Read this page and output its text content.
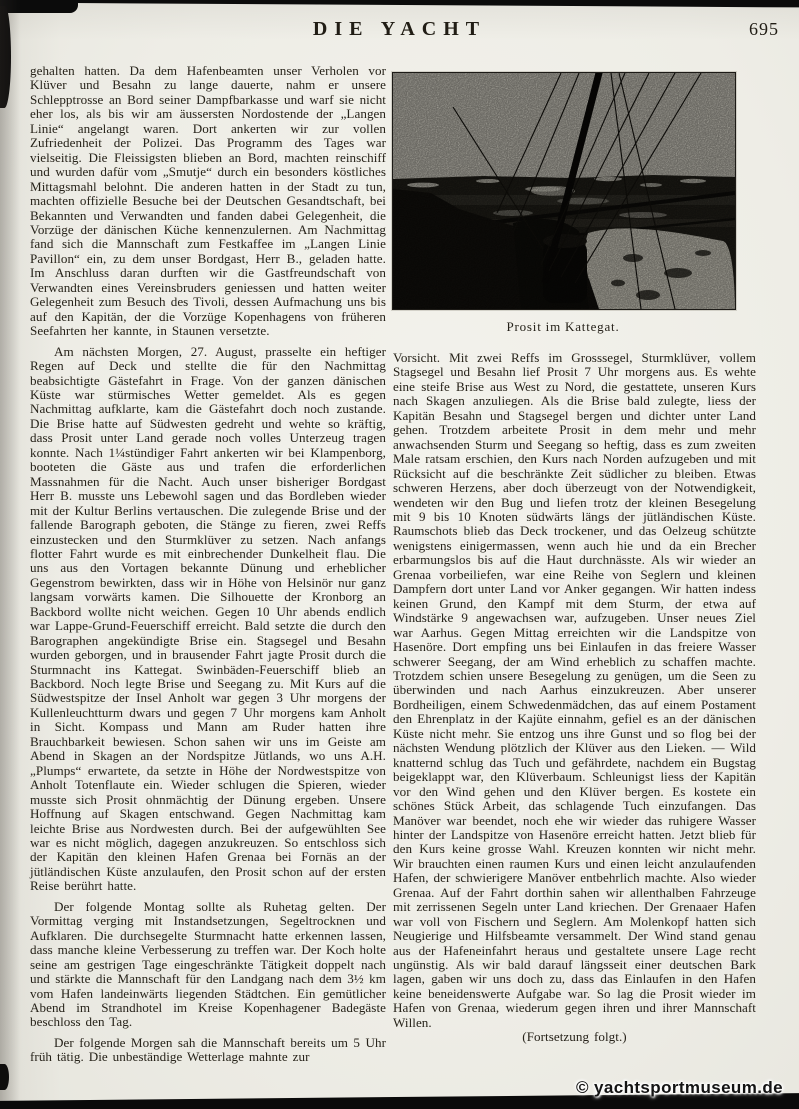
DIE YACHT	695

gehalten hatten. Da dem Hafenbeamten unser Verholen vor Klüver und Besahn zu lange dauerte, nahm er unsere Schlepptrosse an Bord seiner Dampfbarkasse und warf sie nicht eher los, als bis wir am äussersten Nordostende der „Langen Linie“ angelangt waren. Dort ankerten wir zur vollen Zufriedenheit der Polizei. Das Programm des Tages war vielseitig. Die Fleissigsten blieben an Bord, machten reinschiff und wurden dafür vom „Smutje“ durch ein besonders köstliches Mittagsmahl belohnt. Die anderen hatten in der Stadt zu tun, machten offizielle Besuche bei der Deutschen Gesandtschaft, bei Bekannten und Verwandten und fanden dabei Gelegenheit, die Vorzüge der dänischen Küche kennenzulernen. Am Nachmittag fand sich die Mannschaft zum Festkaffee im „Langen Linie Pavillon“ ein, zu dem unser Bordgast, Herr B., geladen hatte. Im Anschluss daran durften wir die Gastfreundschaft von Verwandten eines Vereinsbruders geniessen und hatten weiter Gelegenheit zum Besuch des Tivoli, dessen Aufmachung uns bis auf den Kapitän, der die Vorzüge Kopenhagens von früheren Seefahrten her kannte, in Staunen versetzte.

Am nächsten Morgen, 27. August, prasselte ein heftiger Regen auf Deck und stellte die für den Nachmittag beabsichtigte Gästefahrt in Frage. Von der ganzen dänischen Küste war stürmisches Wetter gemeldet. Als es gegen Nachmittag aufklarte, kam die Gästefahrt doch noch zustande. Die Brise hatte auf Südwesten gedreht und wehte so kräftig, dass Prosit unter Land gerade noch volles Unterzeug tragen konnte. Nach 1¼stündiger Fahrt ankerten wir bei Klampenborg, booteten die Gäste aus und trafen die erforderlichen Massnahmen für die Nacht. Auch unser bisheriger Bordgast Herr B. musste uns Lebewohl sagen und das Bordleben wieder mit der Kultur Berlins vertauschen. Die zulegende Brise und der fallende Barograph geboten, die Stänge zu fieren, zwei Reffs einzustecken und den Sturmklüver zu setzen. Nach anfangs flotter Fahrt wurde es mit einbrechender Dunkelheit flau. Die uns aus den Vortagen bekannte Dünung und erheblicher Gegenstrom bewirkten, dass wir in Höhe von Helsinör nur ganz langsam vorwärts kamen. Die Silhouette der Kronborg an Backbord wollte nicht weichen. Gegen 10 Uhr abends endlich war Lappe-Grund-Feuerschiff erreicht. Bald setzte die durch den Barographen angekündigte Brise ein. Stagsegel und Besahn wurden geborgen, und in brausender Fahrt jagte Prosit durch die Sturmnacht ins Kattegat. Swinbäden-Feuerschiff blieb an Backbord. Noch legte Brise und Seegang zu. Mit Kurs auf die Südwestspitze der Insel Anholt war gegen 3 Uhr morgens der Kullenleuchtturm dwars und gegen 7 Uhr morgens kam Anholt in Sicht. Kompass und Mann am Ruder hatten ihre Brauchbarkeit bewiesen. Schon sahen wir uns im Geiste am Abend in Skagen an der Nordspitze Jütlands, wo uns A.H. „Plumps“ erwartete, da setzte in Höhe der Nordwestspitze von Anholt Totenflaute ein. Wieder schlugen die Spieren, wieder musste sich Prosit ohnmächtig der Dünung ergeben. Unsere Hoffnung auf Skagen entschwand. Gegen Nachmittag kam leichte Brise aus Nordwesten durch. Bei der aufgewühlten See war es nicht möglich, dagegen anzukreuzen. So entschloss sich der Kapitän den kleinen Hafen Grenaa bei Fornäs an der jütländischen Küste anzulaufen, den Prosit schon auf der ersten Reise berührt hatte.

Der folgende Montag sollte als Ruhetag gelten. Der Vormittag verging mit Instandsetzungen, Segeltrocknen und Aufklaren. Die durchsegelte Sturmnacht hatte erkennen lassen, dass manche kleine Verbesserung zu treffen war. Der Koch holte seine am gestrigen Tage eingeschränkte Tätigkeit doppelt nach und stärkte die Mannschaft für den Landgang nach dem 3½ km vom Hafen landeinwärts liegenden Städtchen. Ein gemütlicher Abend im Strandhotel im Kreise Kopenhagener Badegäste beschloss den Tag.

Der folgende Morgen sah die Mannschaft bereits um 5 Uhr früh tätig. Die unbeständige Wetterlage mahnte zur

Prosit im Kattegat.

Vorsicht. Mit zwei Reffs im Grosssegel, Sturmklüver, vollem Stagsegel und Besahn lief Prosit 7 Uhr morgens aus. Es wehte eine steife Brise aus West zu Nord, die gestattete, unseren Kurs nach Skagen anzuliegen. Als die Brise bald zulegte, liess der Kapitän Besahn und Stagsegel bergen und dichter unter Land gehen. Trotzdem arbeitete Prosit in dem mehr und mehr anwachsenden Sturm und Seegang so heftig, dass es zum zweiten Male ratsam erschien, den Kurs nach Norden aufzugeben und mit Rücksicht auf die beschränkte Zeit südlicher zu bleiben. Etwas schweren Herzens, aber doch überzeugt von der Notwendigkeit, wendeten wir den Bug und liefen trotz der kleinen Besegelung mit 9 bis 10 Knoten südwärts längs der jütländischen Küste. Raumschots blieb das Deck trockener, und das Oelzeug schützte wenigstens einigermassen, wenn auch hie und da ein Brecher erbarmungslos bis auf die Haut durchnässte. Als wir wieder an Grenaa vorbeiliefen, war eine Reihe von Seglern und kleinen Dampfern dort unter Land vor Anker gegangen. Wir hatten indess keinen Grund, den Kampf mit dem Sturm, der etwa auf Windstärke 9 angewachsen war, aufzugeben. Unser neues Ziel war Aarhus. Gegen Mittag erreichten wir die Landspitze von Hasenöre. Dort empfing uns bei Einlaufen in das freiere Wasser schwerer Seegang, der am Wind erheblich zu schaffen machte. Trotzdem schien unsere Besegelung zu genügen, um die Seen zu überwinden und nach Aarhus einzukreuzen. Aber unserer Bordheiligen, einem Schwedenmädchen, das auf einem Postament den Ehrenplatz in der Kajüte einnahm, gefiel es an der dänischen Küste nicht mehr. Sie entzog uns ihre Gunst und so flog bei der nächsten Wendung plötzlich der Klüver aus den Lieken. — Wild knatternd schlug das Tuch und gefährdete, nachdem ein Bugstag beigeklappt war, den Klüverbaum. Schleunigst liess der Kapitän vor den Wind gehen und den Klüver bergen. Es kostete ein schönes Stück Arbeit, das schlagende Tuch einzufangen. Das Manöver war beendet, noch ehe wir wieder das ruhigere Wasser hinter der Landspitze von Hasenöre erreicht hatten. Jetzt blieb für den Kurs keine grosse Wahl. Kreuzen konnten wir nicht mehr. Wir brauchten einen raumen Kurs und einen leicht anzulaufenden Hafen, der schwierigere Manöver entbehrlich machte. Also wieder Grenaa. Auf der Fahrt dorthin sahen wir allenthalben Fahrzeuge mit zerrissenen Segeln unter Land kriechen. Der Grenaaer Hafen war voll von Fischern und Seglern. Am Molenkopf hatten sich Neugierige und Hilfsbeamte versammelt. Der Wind stand genau aus der Hafeneinfahrt heraus und gestaltete unsere Lage recht ungünstig. Als wir bald darauf längsseit einer deutschen Bark lagen, gaben wir uns doch zu, dass das Einlaufen in den Hafen keine beneidenswerte Aufgabe war. So lag die Prosit wieder im Hafen von Grenaa, wiederum gegen ihren und ihrer Mannschaft Willen.

(Fortsetzung folgt.)

© yachtsportmuseum.de
